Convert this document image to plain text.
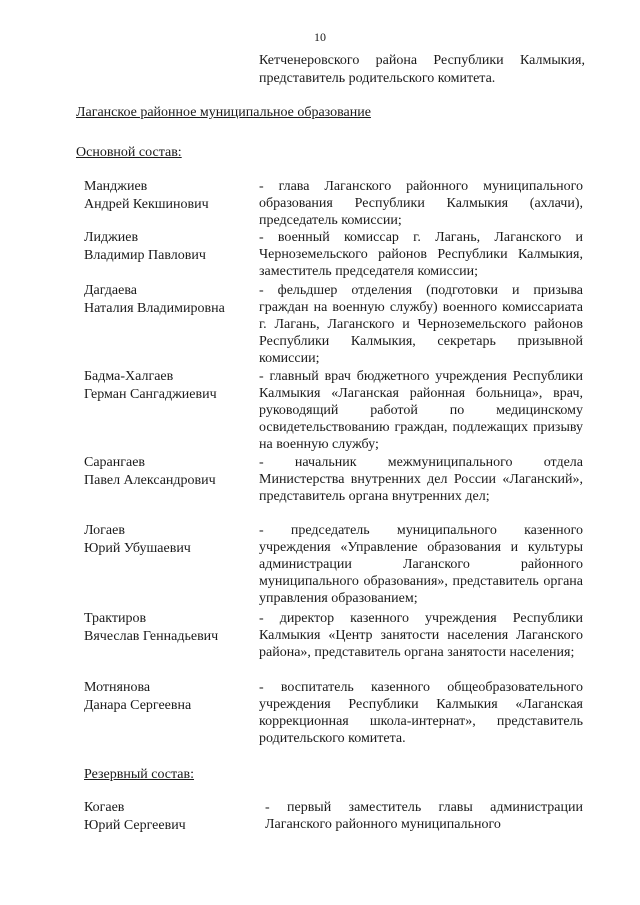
10
Кетченеровского района Республики Калмыкия, представитель родительского комитета.
Лаганское районное муниципальное образование
Основной состав:
Манджиев
Андрей Кекшинович
- глава Лаганского районного муниципального образования Республики Калмыкия (ахлачи), председатель комиссии;
Лиджиев
Владимир Павлович
- военный комиссар г. Лагань, Лаганского и Черноземельского районов Республики Калмыкия, заместитель председателя комиссии;
Дагдаева
Наталия Владимировна
- фельдшер отделения (подготовки и призыва граждан на военную службу) военного комиссариата г. Лагань, Лаганского и Черноземельского районов Республики Калмыкия, секретарь призывной комиссии;
Бадма-Халгаев
Герман Сангаджиевич
- главный врач бюджетного учреждения Республики Калмыкия «Лаганская районная больница», врач, руководящий работой по медицинскому освидетельствованию граждан, подлежащих призыву на военную службу;
Сарангаев
Павел Александрович
- начальник межмуниципального отдела Министерства внутренних дел России «Лаганский», представитель органа внутренних дел;
Логаев
Юрий Убушаевич
- председатель муниципального казенного учреждения «Управление образования и культуры администрации Лаганского районного муниципального образования», представитель органа управления образованием;
Трактиров
Вячеслав Геннадьевич
- директор казенного учреждения Республики Калмыкия «Центр занятости населения Лаганского района», представитель органа занятости населения;
Мотнянова
Данара Сергеевна
- воспитатель казенного общеобразовательного учреждения Республики Калмыкия «Лаганская коррекционная школа-интернат», представитель родительского комитета.
Резервный состав:
Когаев
Юрий Сергеевич
- первый заместитель главы администрации Лаганского районного муниципального
